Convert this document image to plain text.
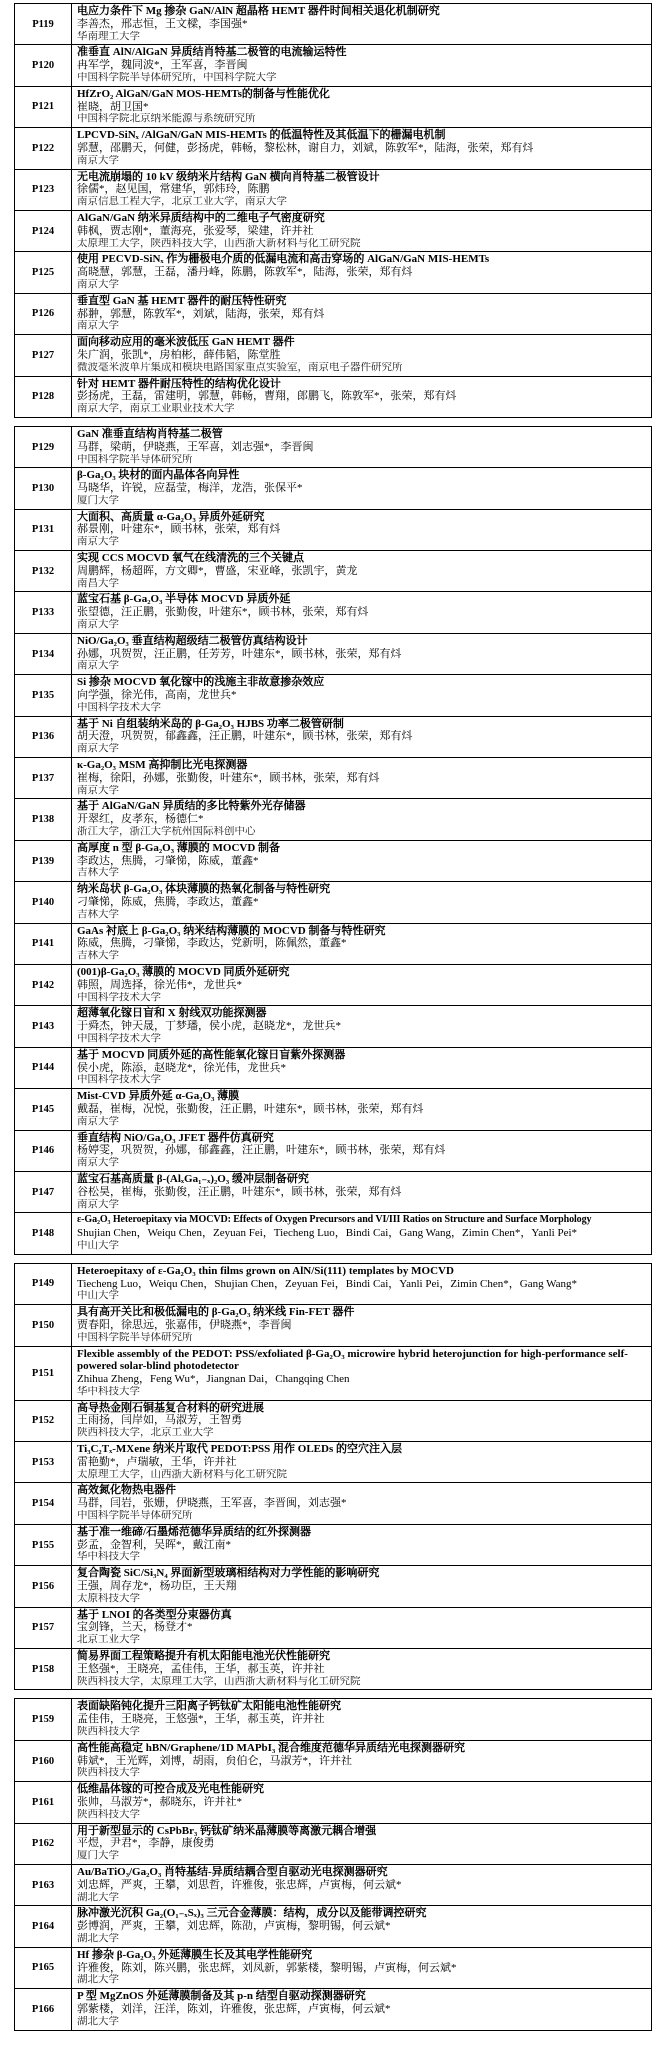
P119	电应力条件下 Mg 掺杂 GaN/AlN 超晶格 HEMT 器件时间相关退化机制研究
李善杰，邢志恒，王文樑，李国强*
华南理工大学

P120	准垂直 AlN/AlGaN 异质结肖特基二极管的电流输运特性
冉军学，魏同波*，王军喜，李晋闽
中国科学院半导体研究所，中国科学院大学

P121	HfZrO₂ AlGaN/GaN MOS-HEMTs的制备与性能优化
崔晓，胡卫国*
中国科学院北京纳米能源与系统研究所

P122	LPCVD-SiNₓ /AlGaN/GaN MIS-HEMTs 的低温特性及其低温下的栅漏电机制
郭慧，邵鹏天，何健，彭扬虎，韩畅，黎松林，谢自力，刘斌，陈敦军*，陆海，张荣，郑有炓
南京大学

P123	无电流崩塌的 10 kV 级纳米片结构 GaN 横向肖特基二极管设计
徐儒*，赵见国，常建华，郭炜玲，陈鹏
南京信息工程大学，北京工业大学，南京大学

P124	AlGaN/GaN 纳米异质结构中的二维电子气密度研究
韩枫，贾志刚*，董海亮，张爱琴，梁建，许并社
太原理工大学，陕西科技大学，山西浙大新材料与化工研究院

P125	使用 PECVD-SiNₓ 作为栅极电介质的低漏电流和高击穿场的 AlGaN/GaN MIS-HEMTs
高晓慧，郭慧，王磊，潘丹峰，陈鹏，陈敦军*，陆海，张荣，郑有炓
南京大学

P126	垂直型 GaN 基 HEMT 器件的耐压特性研究
郝翀，郭慧，陈敦军*，刘斌，陆海，张荣，郑有炓
南京大学

P127	面向移动应用的毫米波低压 GaN HEMT 器件
朱广润，张凯*，房柏彬，薛伟韬，陈堂胜
微波毫米波单片集成和模块电路国家重点实验室，南京电子器件研究所

P128	针对 HEMT 器件耐压特性的结构优化设计
彭扬虎，王磊，雷建明，郭慧，韩畅，曹翔，郎鹏飞，陈敦军*，张荣，郑有炓
南京大学，南京工业职业技术大学
P129	GaN 准垂直结构肖特基二极管
马群，梁萌，伊晓燕，王军喜，刘志强*，李晋闽
中国科学院半导体研究所

P130	β-Ga₂O₃ 块材的面内晶体各向异性
马晓华，许锐，应磊莹，梅洋，龙浩，张保平*
厦门大学

P131	大面积、高质量 α-Ga₂O₃ 异质外延研究
郝景刚，叶建东*，顾书林，张荣，郑有炓
南京大学

P132	实现 CCS MOCVD 氧气在线清洗的三个关键点
周鹏辉，杨超晖，方文卿*，曹盛，宋亚峰，张凯宇，黄龙
南昌大学

P133	蓝宝石基 β-Ga₂O₃ 半导体 MOCVD 异质外延
张望德，汪正鹏，张勤俊，叶建东*，顾书林，张荣，郑有炓
南京大学

P134	NiO/Ga₂O₃ 垂直结构超级结二极管仿真结构设计
孙娜，巩贺贺，汪正鹏，任芳芳，叶建东*，顾书林，张荣，郑有炓
南京大学

P135	Si 掺杂 MOCVD 氧化镓中的浅施主非故意掺杂效应
向学强，徐光伟，高南，龙世兵*
中国科学技术大学

P136	基于 Ni 自组装纳米岛的 β-Ga₂O₃ HJBS 功率二极管研制
胡天澄，巩贺贺，郁鑫鑫，汪正鹏，叶建东*，顾书林，张荣，郑有炓
南京大学

P137	κ-Ga₂O₃ MSM 高抑制比光电探测器
崔梅，徐阳，孙娜，张勤俊，叶建东*，顾书林，张荣，郑有炓
南京大学

P138	基于 AlGaN/GaN 异质结的多比特紫外光存储器
开翠红，皮孝东，杨德仁*
浙江大学，浙江大学杭州国际科创中心

P139	高厚度 n 型 β-Ga₂O₃ 薄膜的 MOCVD 制备
李政达，焦腾，刁肇悌，陈威，董鑫*
吉林大学

P140	纳米岛状 β-Ga₂O₃ 体块薄膜的热氧化制备与特性研究
刁肇悌，陈威，焦腾，李政达，董鑫*
吉林大学

P141	GaAs 衬底上 β-Ga₂O₃ 纳米结构薄膜的 MOCVD 制备与特性研究
陈威，焦腾，刁肇悌，李政达，党新明，陈佩然，董鑫*
吉林大学

P142	(001)β-Ga₂O₃ 薄膜的 MOCVD 同质外延研究
韩照，周选择，徐光伟*，龙世兵*
中国科学技术大学

P143	超薄氧化镓日盲和 X 射线双功能探测器
于舜杰，钟天晟，丁梦璠，侯小虎，赵晓龙*，龙世兵*
中国科学技术大学

P144	基于 MOCVD 同质外延的高性能氧化镓日盲紫外探测器
侯小虎，陈添，赵晓龙*，徐光伟，龙世兵*
中国科学技术大学

P145	Mist-CVD 异质外延 α-Ga₂O₃ 薄膜
戴磊，崔梅，况悦，张勤俊，汪正鹏，叶建东*，顾书林，张荣，郑有炓
南京大学

P146	垂直结构 NiO/Ga₂O₃ JFET 器件仿真研究
杨婷雯，巩贺贺，孙娜，郁鑫鑫，汪正鹏，叶建东*，顾书林，张荣，郑有炓
南京大学

P147	蓝宝石基高质量 β-(AlₓGa₁₋ₓ)₂O₃ 缓冲层制备研究
谷松昊，崔梅，张勤俊，汪正鹏，叶建东*，顾书林，张荣，郑有炓
南京大学

P148	ε-Ga₂O₃ Heteroepitaxy via MOCVD: Effects of Oxygen Precursors and VI/III Ratios on Structure and Surface Morphology
Shujian Chen，Weiqu Chen，Zeyuan Fei，Tiecheng Luo，Bindi Cai，Gang Wang，Zimin Chen*，Yanli Pei*
中山大学
P149	Heteroepitaxy of ε-Ga₂O₃ thin films grown on AlN/Si(111) templates by MOCVD
Tiecheng Luo，Weiqu Chen，Shujian Chen，Zeyuan Fei，Bindi Cai，Yanli Pei，Zimin Chen*，Gang Wang*
中山大学

P150	具有高开关比和极低漏电的 β-Ga₂O₃ 纳米线 Fin-FET 器件
贾春阳，徐思远，张嘉伟，伊晓燕*，李晋闽
中国科学院半导体研究所

P151	Flexible assembly of the PEDOT: PSS/exfoliated β-Ga₂O₃ microwire hybrid heterojunction for high-performance self-powered solar-blind photodetector
Zhihua Zheng，Feng Wu*，Jiangnan Dai，Changqing Chen
华中科技大学

P152	高导热金刚石铜基复合材料的研究进展
王雨扬，闫岸如，马淑芳，王智勇
陕西科技大学，北京工业大学

P153	Ti₃C₂Tₓ-MXene 纳米片取代 PEDOT:PSS 用作 OLEDs 的空穴注入层
雷艳勤*，卢瑞敏，王华，许并社
太原理工大学，山西浙大新材料与化工研究院

P154	高效氮化物热电器件
马群，闫岩，张姗，伊晓燕，王军喜，李晋闽，刘志强*
中国科学院半导体研究所

P155	基于准一维碲/石墨烯范德华异质结的红外探测器
彭孟，金智利，吴晖*，戴江南*
华中科技大学

P156	复合陶瓷 SiC/Si₃N₄ 界面新型玻璃相结构对力学性能的影响研究
王强，周存龙*，杨功臣，王天翔
太原科技大学

P157	基于 LNOI 的各类型分束器仿真
宝剑锋，兰天，杨登才*
北京工业大学

P158	简易界面工程策略提升有机太阳能电池光伏性能研究
王悠强*，王晓亮，孟佳伟，王华，郝玉英，许并社
陕西科技大学，太原理工大学，山西浙大新材料与化工研究院
P159	表面缺陷钝化提升三阳离子钙钛矿太阳能电池性能研究
孟佳伟，王晓亮，王悠强*，王华，郝玉英，许并社
陕西科技大学

P160	高性能高稳定 hBN/Graphene/1D MAPbI₃ 混合维度范德华异质结光电探测器研究
韩斌*，王光辉，刘博，胡雨，贠伯仑，马淑芳*，许并社
陕西科技大学

P161	低维晶体镓的可控合成及光电性能研究
张帅，马淑芳*，郝晓东，许并社*
陕西科技大学

P162	用于新型显示的 CsPbBr₃ 钙钛矿纳米晶薄膜等离激元耦合增强
平煜，尹君*，李静，康俊勇
厦门大学

P163	Au/BaTiO₃/Ga₂O₃ 肖特基结-异质结耦合型自驱动光电探测器研究
刘忠辉，严爽，王攀，刘思哲，许雅俊，张忠辉，卢寅梅，何云斌*
湖北大学

P164	脉冲激光沉积 Ga₂(O₁₋ₓSₓ)₃ 三元合金薄膜：结构，成分以及能带调控研究
彭博润，严爽，王攀，刘忠辉，陈劭，卢寅梅，黎明锡，何云斌*
湖北大学

P165	Hf 掺杂 β-Ga₂O₃ 外延薄膜生长及其电学性能研究
许雅俊，陈刘，陈兴鹏，张忠辉，刘凤新，郭紫楼，黎明锡，卢寅梅，何云斌*
湖北大学

P166	P 型 MgZnOS 外延薄膜制备及其 p-n 结型自驱动探测器研究
郭紫楼，刘洋，汪洋，陈刘，许雅俊，张忠辉，卢寅梅，何云斌*
湖北大学
